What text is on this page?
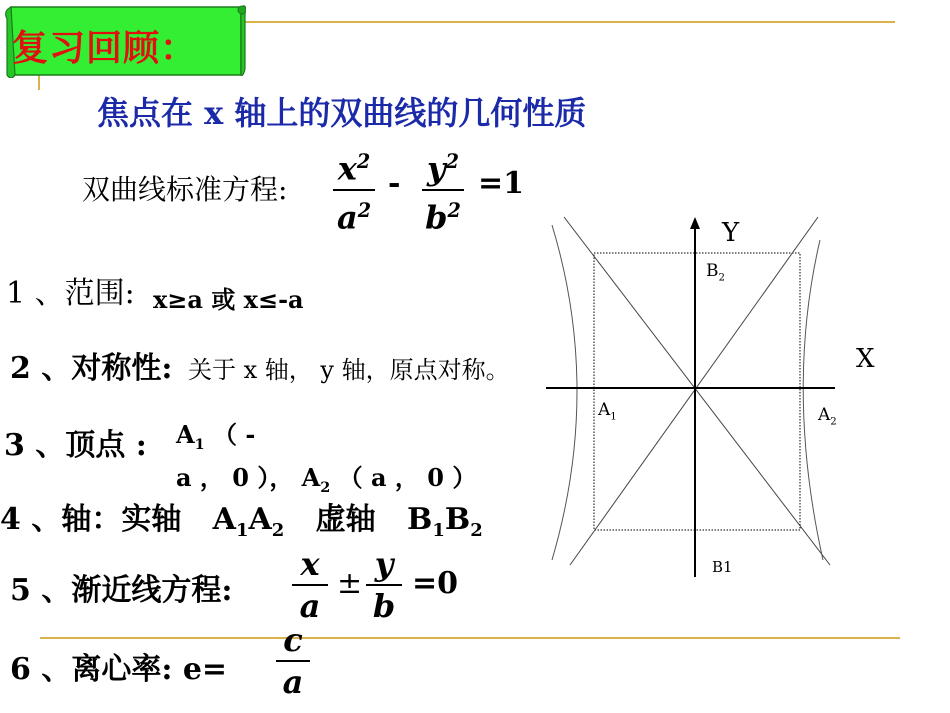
复习回顾：
焦点在 x 轴上的双曲线的几何性质
双曲线标准方程:
$x^2$
$a^2$
- $y^2$
$b^2$
=1
1 、范围: x≥a 或 x≤-a
2 、对称性: 关于 x 轴， y 轴，原点对称。
3 、顶点 : $A_1$ （ -
a ， 0 ）， $A_2$ （ a ， 0 ）
4 、轴：实轴 $A_1A_2$ 虚轴 $B_1B_2$
5 、渐近线方程:
x
a
±
y
b
=0
6 、离心率: e=
c
a
Y
X
$B_2$
$A_1$	$A_2$
B1
